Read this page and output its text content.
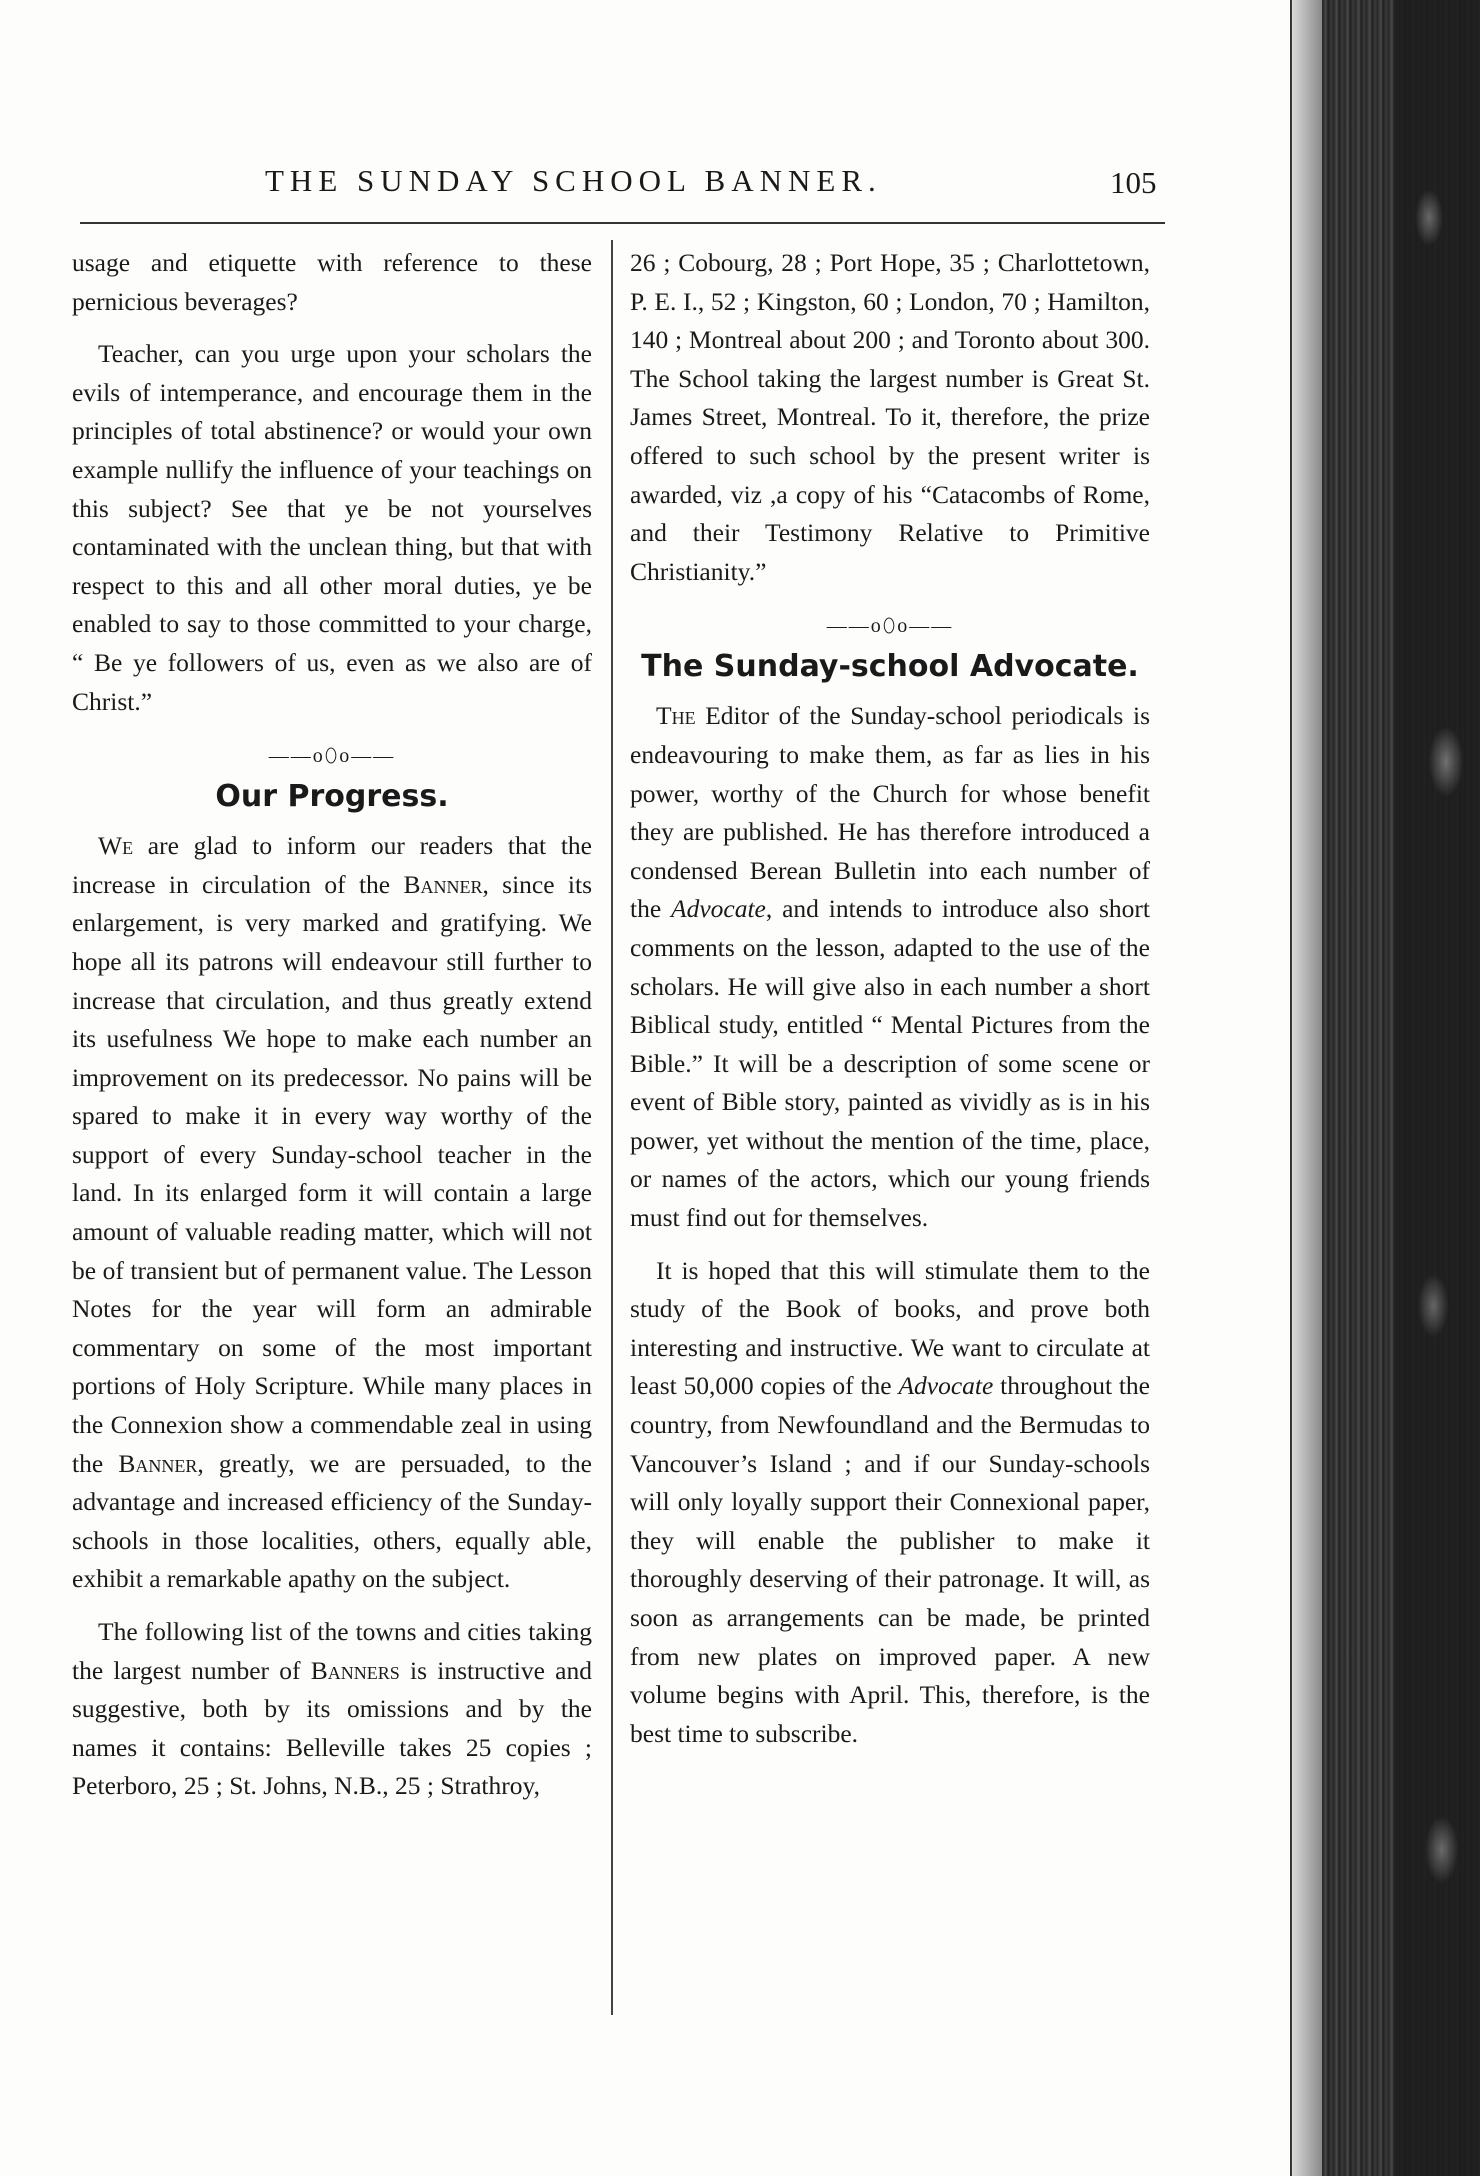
THE SUNDAY SCHOOL BANNER.	105

usage and etiquette with reference to these pernicious beverages?

Teacher, can you urge upon your scholars the evils of intemperance, and encourage them in the principles of total abstinence? or would your own example nullify the influence of your teachings on this subject? See that ye be not yourselves contaminated with the unclean thing, but that with respect to this and all other moral duties, ye be enabled to say to those committed to your charge, “ Be ye followers of us, even as we also are of Christ.”

——o⬯o——
Our Progress.

We are glad to inform our readers that the increase in circulation of the Banner, since its enlargement, is very marked and gratifying. We hope all its patrons will endeavour still further to increase that circulation, and thus greatly extend its usefulness We hope to make each number an improvement on its predecessor. No pains will be spared to make it in every way worthy of the support of every Sunday-school teacher in the land. In its enlarged form it will contain a large amount of valuable reading matter, which will not be of transient but of permanent value. The Lesson Notes for the year will form an admirable commentary on some of the most important portions of Holy Scripture. While many places in the Connexion show a commendable zeal in using the Banner, greatly, we are persuaded, to the advantage and increased efficiency of the Sunday-schools in those localities, others, equally able, exhibit a remarkable apathy on the subject.

The following list of the towns and cities taking the largest number of Banners is instructive and suggestive, both by its omissions and by the names it contains: Belleville takes 25 copies ; Peterboro, 25 ; St. Johns, N.B., 25 ; Strathroy,

26 ; Cobourg, 28 ; Port Hope, 35 ; Charlottetown, P. E. I., 52 ; Kingston, 60 ; London, 70 ; Hamilton, 140 ; Montreal about 200 ; and Toronto about 300. The School taking the largest number is Great St. James Street, Montreal. To it, therefore, the prize offered to such school by the present writer is awarded, viz ,a copy of his “Catacombs of Rome, and their Testimony Relative to Primitive Christianity.”

——o⬯o——
The Sunday-school Advocate.

The Editor of the Sunday-school periodicals is endeavouring to make them, as far as lies in his power, worthy of the Church for whose benefit they are published. He has therefore introduced a condensed Berean Bulletin into each number of the Advocate, and intends to introduce also short comments on the lesson, adapted to the use of the scholars. He will give also in each number a short Biblical study, entitled “ Mental Pictures from the Bible.” It will be a description of some scene or event of Bible story, painted as vividly as is in his power, yet without the mention of the time, place, or names of the actors, which our young friends must find out for themselves.

It is hoped that this will stimulate them to the study of the Book of books, and prove both interesting and instructive. We want to circulate at least 50,000 copies of the Advocate throughout the country, from Newfoundland and the Bermudas to Vancouver’s Island ; and if our Sunday-schools will only loyally support their Connexional paper, they will enable the publisher to make it thoroughly deserving of their patronage. It will, as soon as arrangements can be made, be printed from new plates on improved paper. A new volume begins with April. This, therefore, is the best time to subscribe.
